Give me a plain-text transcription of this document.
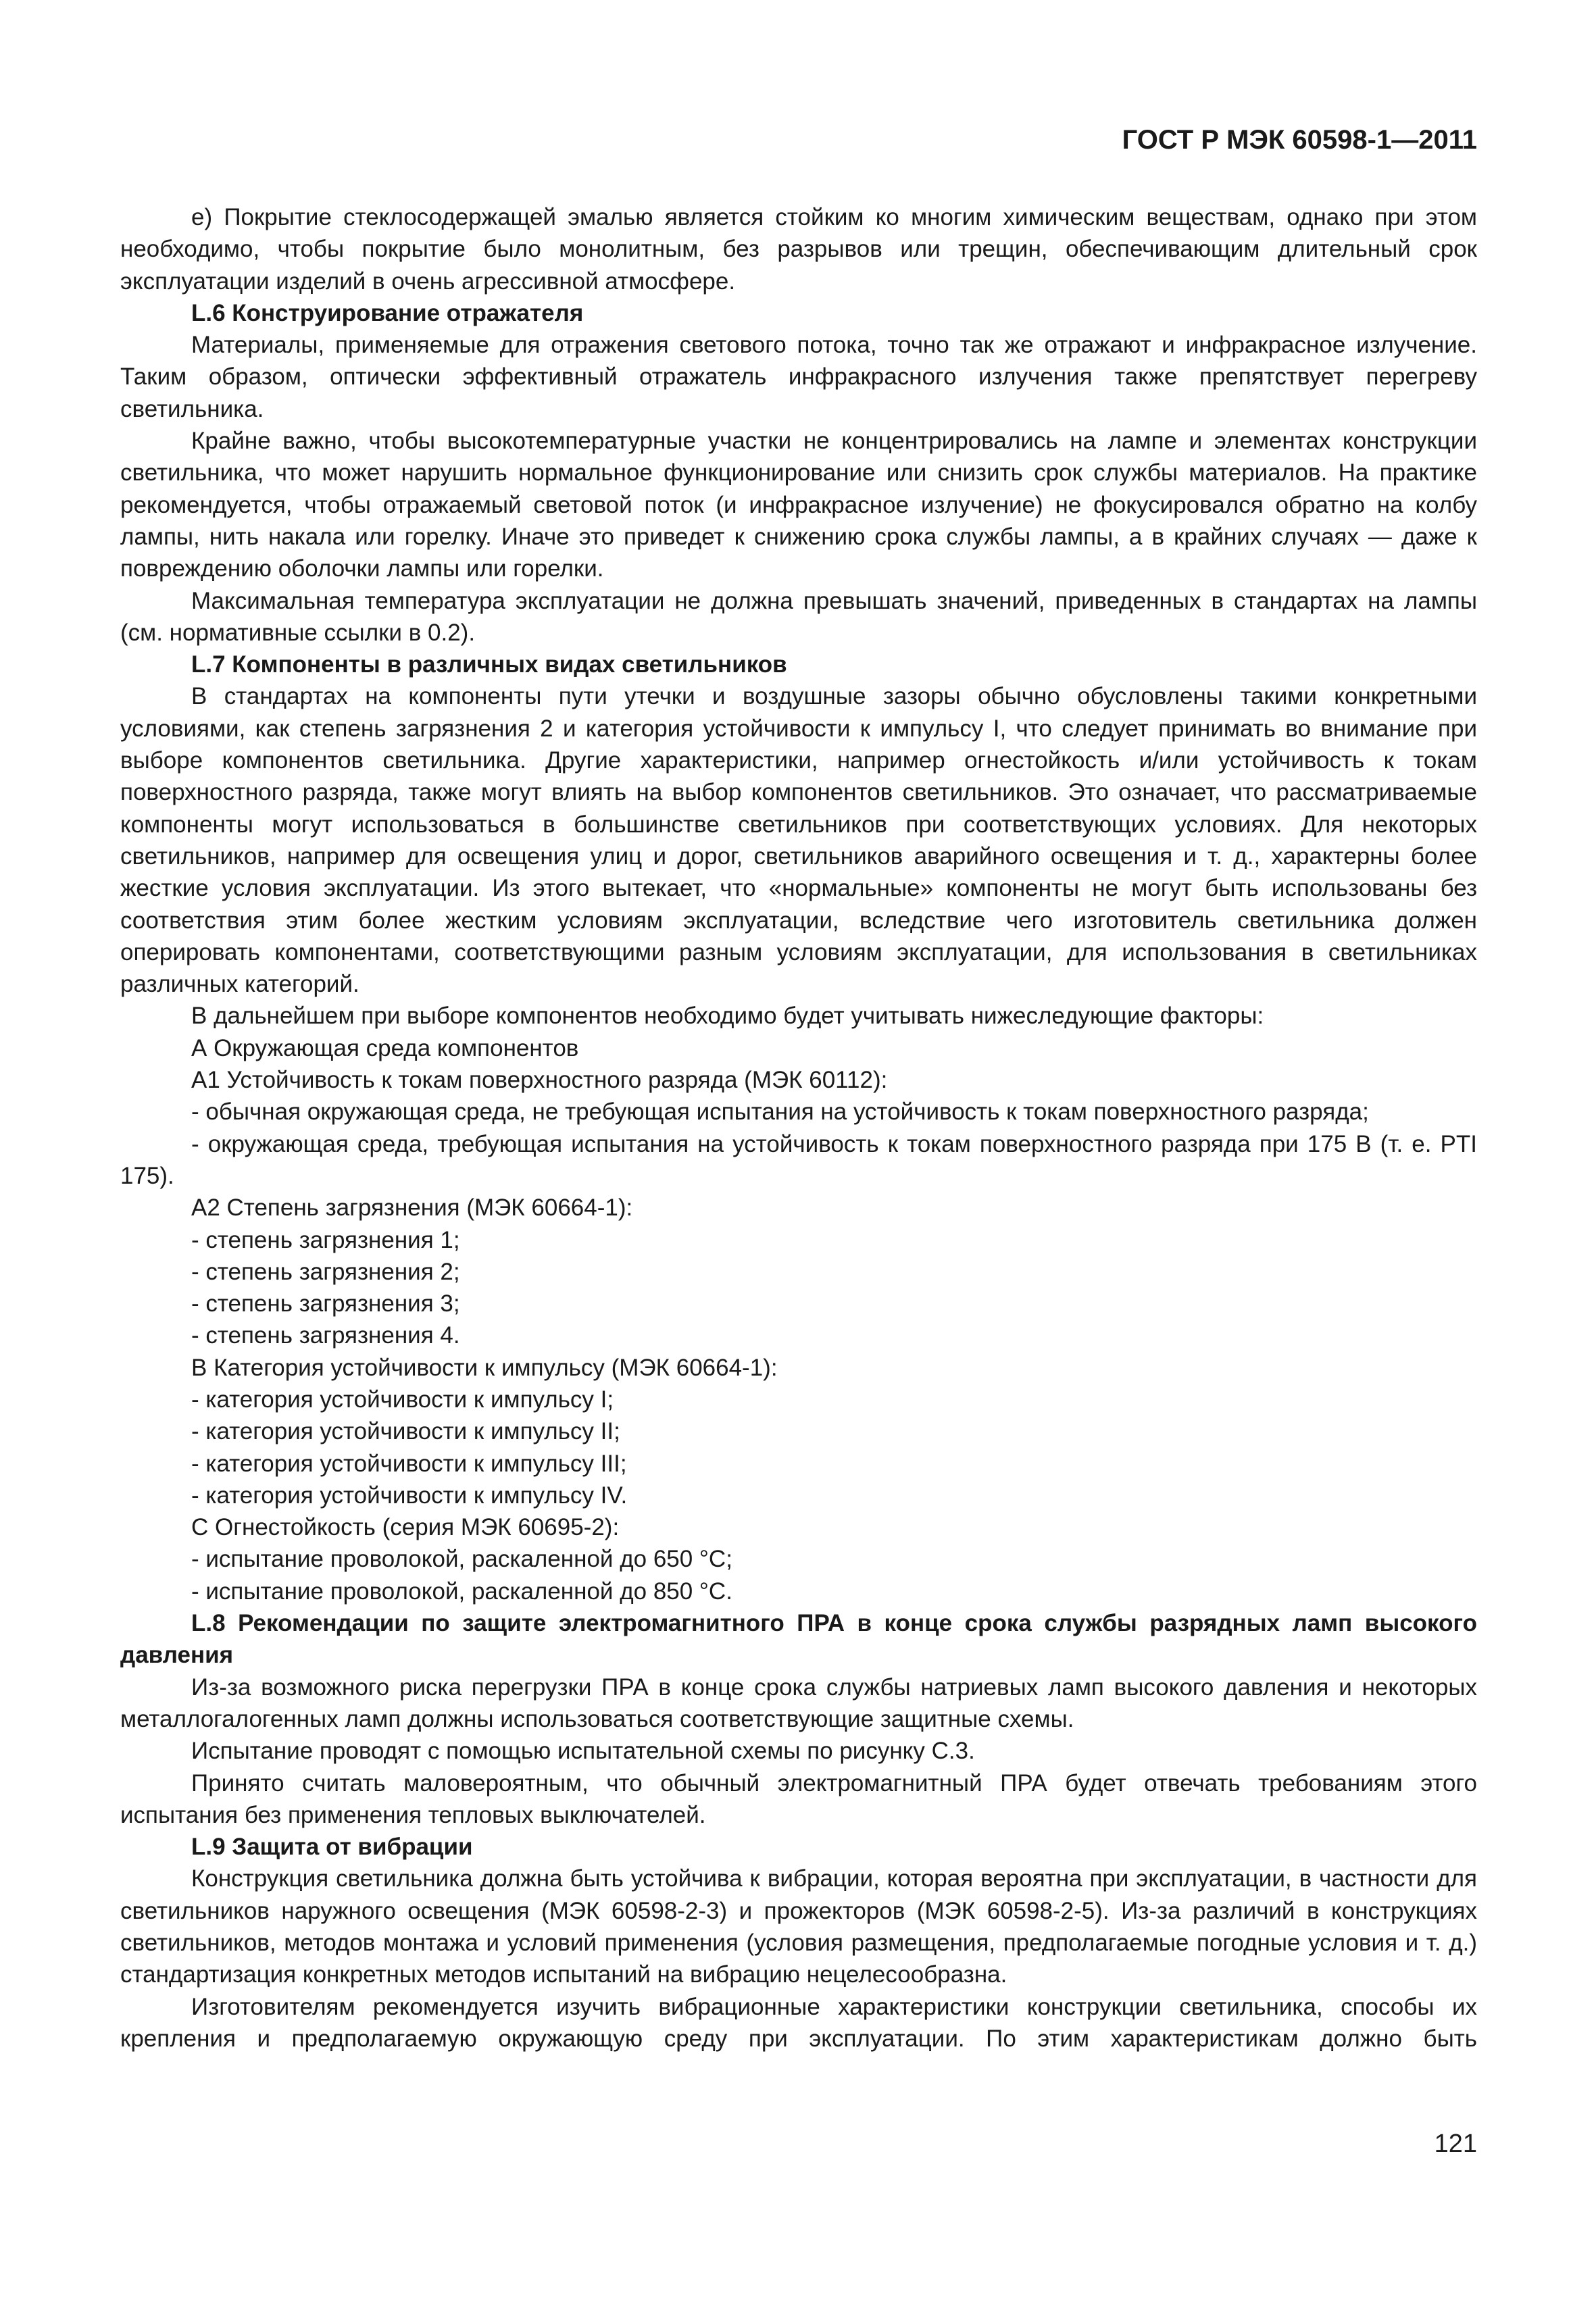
ГОСТ Р МЭК 60598-1—2011

е) Покрытие стеклосодержащей эмалью является стойким ко многим химическим веществам, однако при этом необходимо, чтобы покрытие было монолитным, без разрывов или трещин, обеспечивающим длительный срок эксплуатации изделий в очень агрессивной атмосфере.

L.6 Конструирование отражателя

Материалы, применяемые для отражения светового потока, точно так же отражают и инфракрасное излучение. Таким образом, оптически эффективный отражатель инфракрасного излучения также препятствует перегреву светильника.

Крайне важно, чтобы высокотемпературные участки не концентрировались на лампе и элементах конструкции светильника, что может нарушить нормальное функционирование или снизить срок службы материалов. На практике рекомендуется, чтобы отражаемый световой поток (и инфракрасное излучение) не фокусировался обратно на колбу лампы, нить накала или горелку. Иначе это приведет к снижению срока службы лампы, а в крайних случаях — даже к повреждению оболочки лампы или горелки.

Максимальная температура эксплуатации не должна превышать значений, приведенных в стандартах на лампы (см. нормативные ссылки в 0.2).

L.7 Компоненты в различных видах светильников

В стандартах на компоненты пути утечки и воздушные зазоры обычно обусловлены такими конкретными условиями, как степень загрязнения 2 и категория устойчивости к импульсу I, что следует принимать во внимание при выборе компонентов светильника. Другие характеристики, например огнестойкость и/или устойчивость к токам поверхностного разряда, также могут влиять на выбор компонентов светильников. Это означает, что рассматриваемые компоненты могут использоваться в большинстве светильников при соответствующих условиях. Для некоторых светильников, например для освещения улиц и дорог, светильников аварийного освещения и т. д., характерны более жесткие условия эксплуатации. Из этого вытекает, что «нормальные» компоненты не могут быть использованы без соответствия этим более жестким условиям эксплуатации, вследствие чего изготовитель светильника должен оперировать компонентами, соответствующими разным условиям эксплуатации, для использования в светильниках различных категорий.

В дальнейшем при выборе компонентов необходимо будет учитывать нижеследующие факторы:

А Окружающая среда компонентов

А1 Устойчивость к токам поверхностного разряда (МЭК 60112):

- обычная окружающая среда, не требующая испытания на устойчивость к токам поверхностного разряда;

- окружающая среда, требующая испытания на устойчивость к токам поверхностного разряда при 175 В (т. е. PTI 175).

А2 Степень загрязнения (МЭК 60664-1):

- степень загрязнения 1;

- степень загрязнения 2;

- степень загрязнения 3;

- степень загрязнения 4.

В Категория устойчивости к импульсу (МЭК 60664-1):

- категория устойчивости к импульсу I;

- категория устойчивости к импульсу II;

- категория устойчивости к импульсу III;

- категория устойчивости к импульсу IV.

С Огнестойкость (серия МЭК 60695-2):

- испытание проволокой, раскаленной до 650 °С;

- испытание проволокой, раскаленной до 850 °С.

L.8 Рекомендации по защите электромагнитного ПРА в конце срока службы разрядных ламп высокого давления

Из-за возможного риска перегрузки ПРА в конце срока службы натриевых ламп высокого давления и некоторых металлогалогенных ламп должны использоваться соответствующие защитные схемы.

Испытание проводят с помощью испытательной схемы по рисунку С.3.

Принято считать маловероятным, что обычный электромагнитный ПРА будет отвечать требованиям этого испытания без применения тепловых выключателей.

L.9 Защита от вибрации

Конструкция светильника должна быть устойчива к вибрации, которая вероятна при эксплуатации, в частности для светильников наружного освещения (МЭК 60598-2-3) и прожекторов (МЭК 60598-2-5). Из-за различий в конструкциях светильников, методов монтажа и условий применения (условия размещения, предполагаемые погодные условия и т. д.) стандартизация конкретных методов испытаний на вибрацию нецелесообразна.

Изготовителям рекомендуется изучить вибрационные характеристики конструкции светильника, способы их крепления и предполагаемую окружающую среду при эксплуатации. По этим характеристикам должно быть

121
